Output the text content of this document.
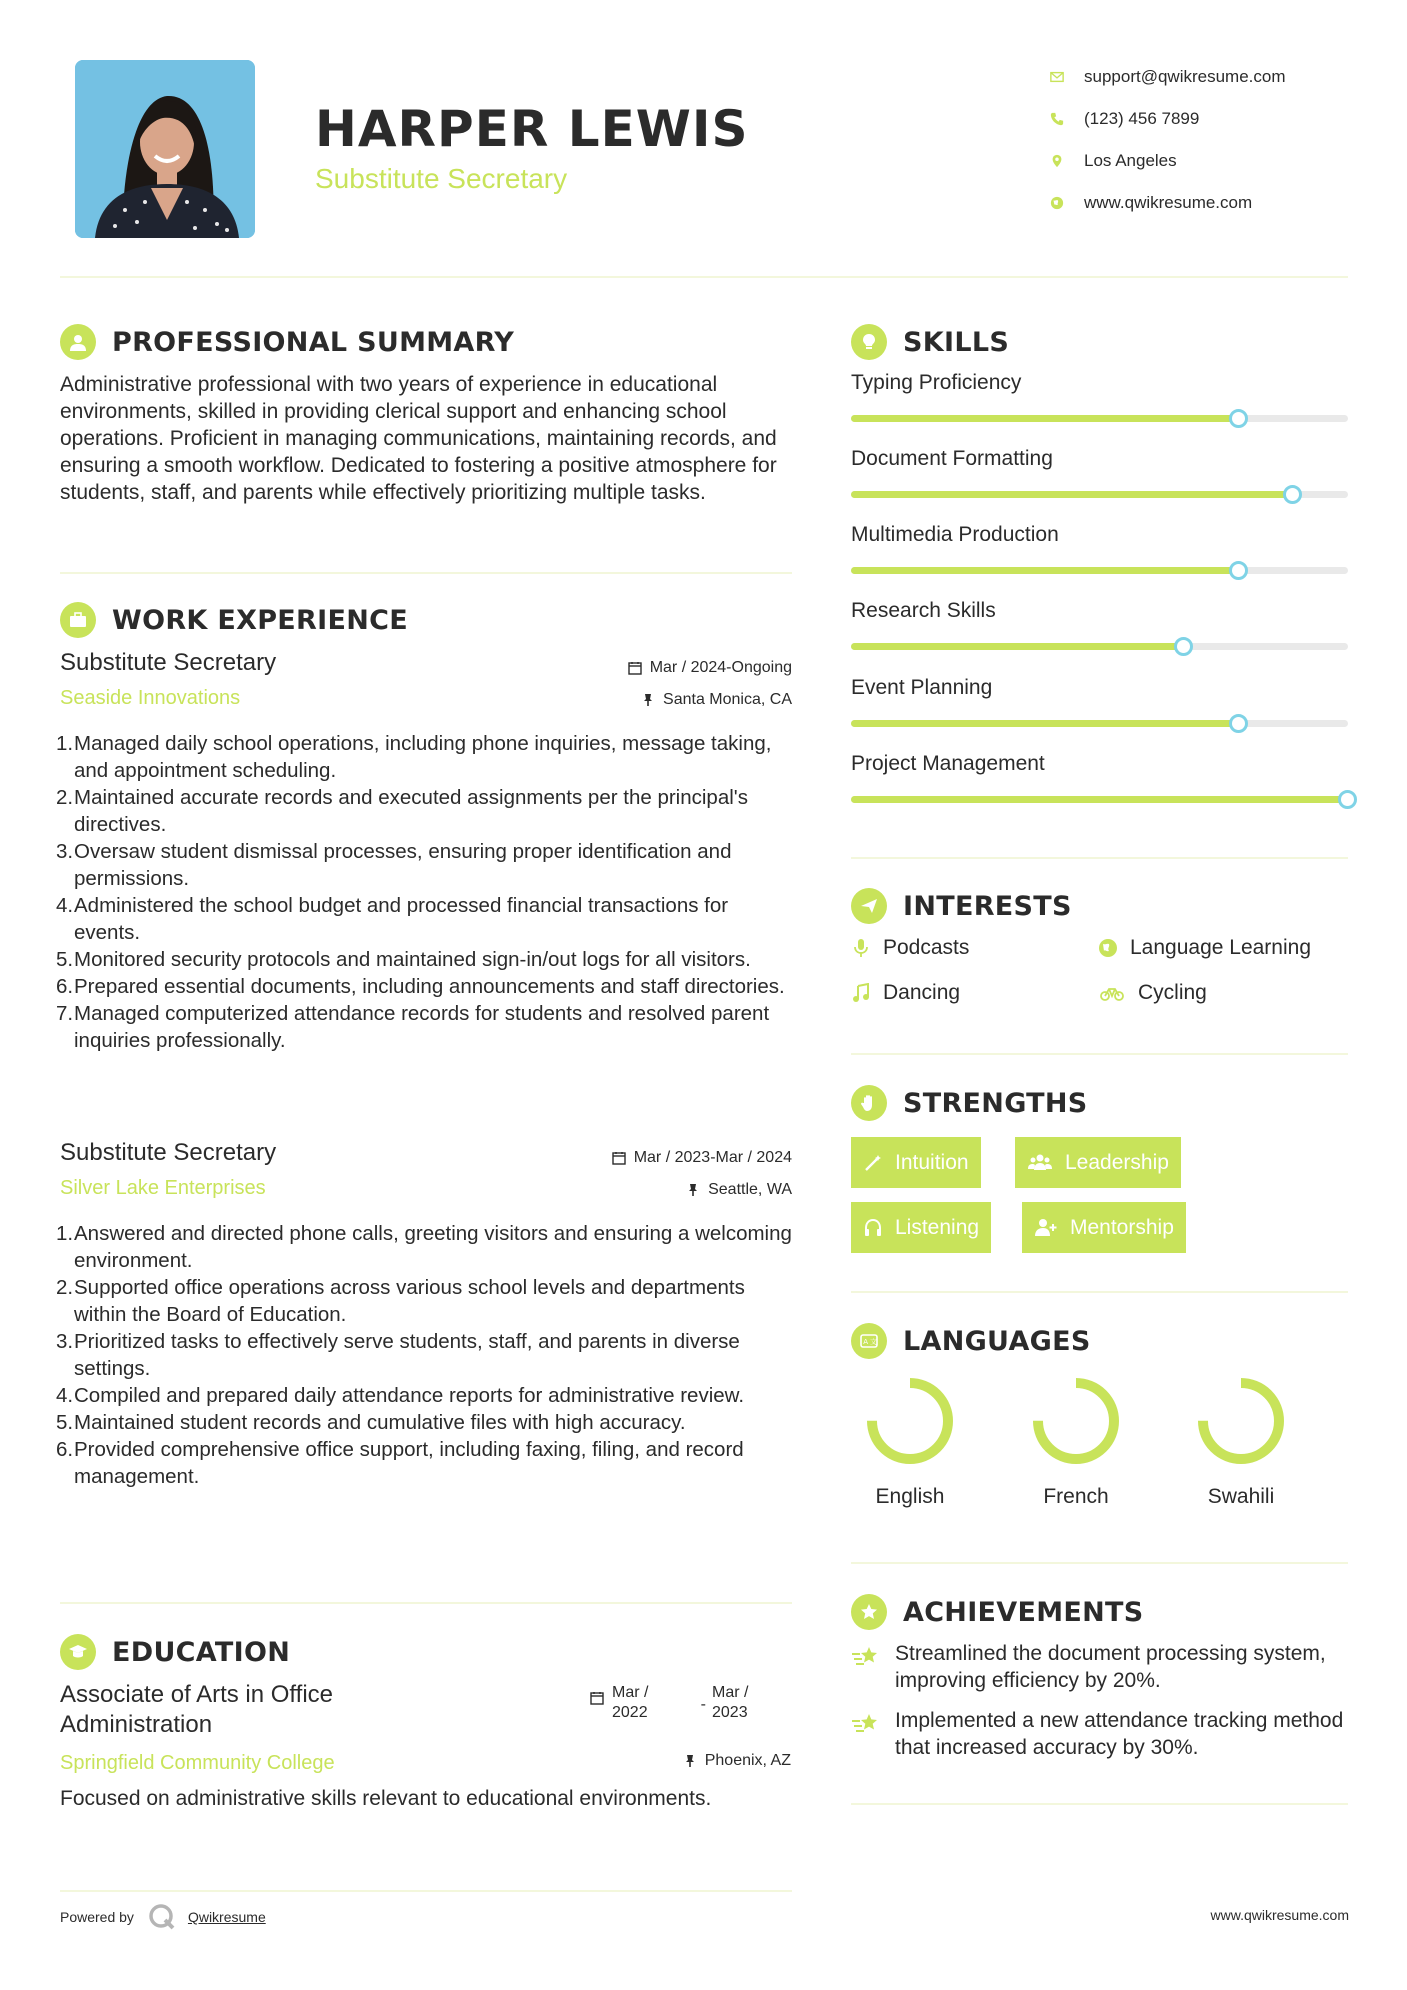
HARPER LEWIS
Substitute Secretary
support@qwikresume.com
(123) 456 7899
Los Angeles
www.qwikresume.com
PROFESSIONAL SUMMARY
Administrative professional with two years of experience in educational environments, skilled in providing clerical support and enhancing school operations. Proficient in managing communications, maintaining records, and ensuring a smooth workflow. Dedicated to fostering a positive atmosphere for students, staff, and parents while effectively prioritizing multiple tasks.
WORK EXPERIENCE
Substitute Secretary
Seaside Innovations
Mar / 2024-Ongoing
Santa Monica, CA
1. Managed daily school operations, including phone inquiries, message taking, and appointment scheduling.
2. Maintained accurate records and executed assignments per the principal's directives.
3. Oversaw student dismissal processes, ensuring proper identification and permissions.
4. Administered the school budget and processed financial transactions for events.
5. Monitored security protocols and maintained sign-in/out logs for all visitors.
6. Prepared essential documents, including announcements and staff directories.
7. Managed computerized attendance records for students and resolved parent inquiries professionally.
Substitute Secretary
Silver Lake Enterprises
Mar / 2023-Mar / 2024
Seattle, WA
1. Answered and directed phone calls, greeting visitors and ensuring a welcoming environment.
2. Supported office operations across various school levels and departments within the Board of Education.
3. Prioritized tasks to effectively serve students, staff, and parents in diverse settings.
4. Compiled and prepared daily attendance reports for administrative review.
5. Maintained student records and cumulative files with high accuracy.
6. Provided comprehensive office support, including faxing, filing, and record management.
EDUCATION
Associate of Arts in Office Administration
Mar / 2022	-
Mar / 2023
Springfield Community College	Phoenix, AZ
Focused on administrative skills relevant to educational environments.
SKILLS
Typing Proficiency
Document Formatting
Multimedia Production
Research Skills
Event Planning
Project Management
INTERESTS
Podcasts	Language Learning
Dancing	Cycling
STRENGTHS
Intuition	Leadership
Listening	Mentorship
A 文 LANGUAGES
English	French	Swahili
ACHIEVEMENTS
Streamlined the document processing system, improving efficiency by 20%.
Implemented a new attendance tracking method that increased accuracy by 30%.
Powered by	Qwikresume	www.qwikresume.com
